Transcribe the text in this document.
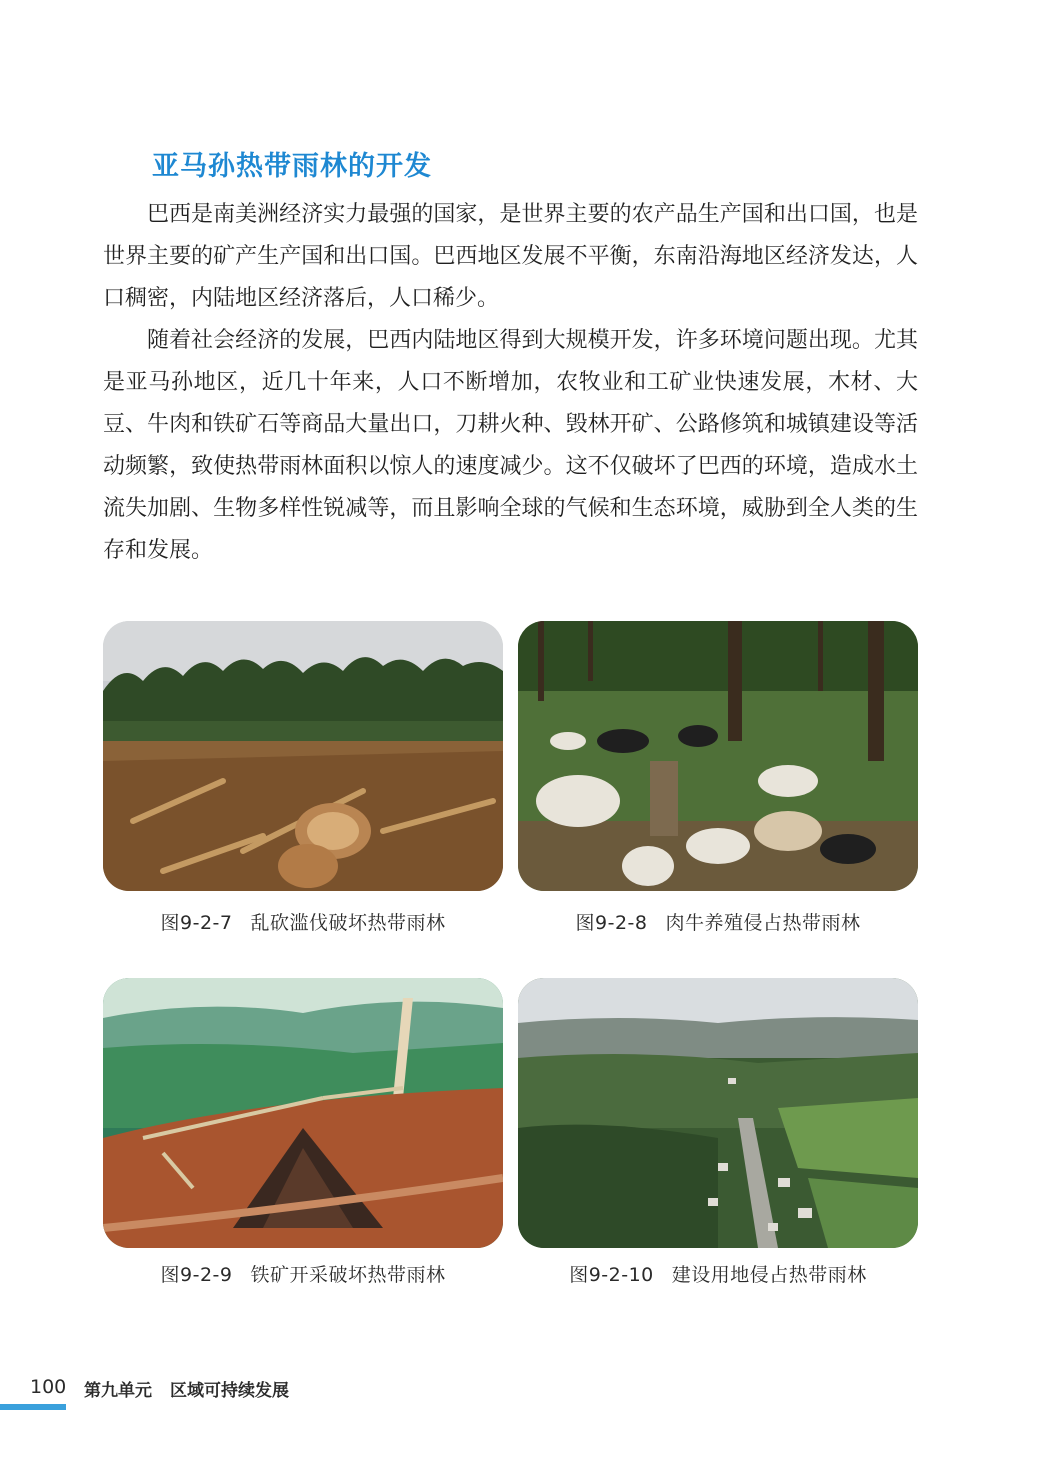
亚马孙热带雨林的开发

巴西是南美洲经济实力最强的国家，是世界主要的农产品生产国和出口国，也是世界主要的矿产生产国和出口国。巴西地区发展不平衡，东南沿海地区经济发达，人口稠密，内陆地区经济落后，人口稀少。

随着社会经济的发展，巴西内陆地区得到大规模开发，许多环境问题出现。尤其是亚马孙地区，近几十年来，人口不断增加，农牧业和工矿业快速发展，木材、大豆、牛肉和铁矿石等商品大量出口，刀耕火种、毁林开矿、公路修筑和城镇建设等活动频繁，致使热带雨林面积以惊人的速度减少。这不仅破坏了巴西的环境，造成水土流失加剧、生物多样性锐减等，而且影响全球的气候和生态环境，威胁到全人类的生存和发展。

图9-2-7 乱砍滥伐破坏热带雨林	图9-2-8 肉牛养殖侵占热带雨林
图9-2-9 铁矿开采破坏热带雨林	图9-2-10 建设用地侵占热带雨林
100 第九单元 区域可持续发展
